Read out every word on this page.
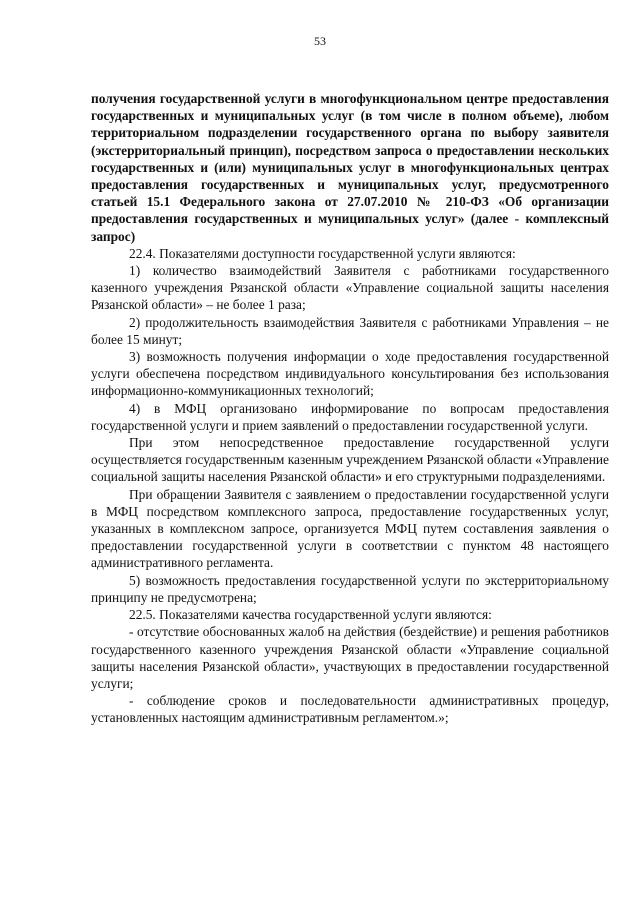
53

получения государственной услуги в многофункциональном центре предоставления государственных и муниципальных услуг (в том числе в полном объеме), любом территориальном подразделении государственного органа по выбору заявителя (экстерриториальный принцип), посредством запроса о предоставлении нескольких государственных и (или) муниципальных услуг в многофункциональных центрах предоставления государственных и муниципальных услуг, предусмотренного статьей 15.1 Федерального закона от 27.07.2010 № 210-ФЗ «Об организации предоставления государственных и муниципальных услуг» (далее - комплексный запрос)

22.4. Показателями доступности государственной услуги являются:

1) количество взаимодействий Заявителя с работниками государственного казенного учреждения Рязанской области «Управление социальной защиты населения Рязанской области» – не более 1 раза;

2) продолжительность взаимодействия Заявителя с работниками Управления – не более 15 минут;

3) возможность получения информации о ходе предоставления государственной услуги обеспечена посредством индивидуального консультирования без использования информационно-коммуникационных технологий;

4) в МФЦ организовано информирование по вопросам предоставления государственной услуги и прием заявлений о предоставлении государственной услуги.

При этом непосредственное предоставление государственной услуги осуществляется государственным казенным учреждением Рязанской области «Управление социальной защиты населения Рязанской области» и его структурными подразделениями.

При обращении Заявителя с заявлением о предоставлении государственной услуги в МФЦ посредством комплексного запроса, предоставление государственных услуг, указанных в комплексном запросе, организуется МФЦ путем составления заявления о предоставлении государственной услуги в соответствии с пунктом 48 настоящего административного регламента.

5) возможность предоставления государственной услуги по экстерриториальному принципу не предусмотрена;

22.5. Показателями качества государственной услуги являются:

- отсутствие обоснованных жалоб на действия (бездействие) и решения работников государственного казенного учреждения Рязанской области «Управление социальной защиты населения Рязанской области», участвующих в предоставлении государственной услуги;

- соблюдение сроков и последовательности административных процедур, установленных настоящим административным регламентом.»;
